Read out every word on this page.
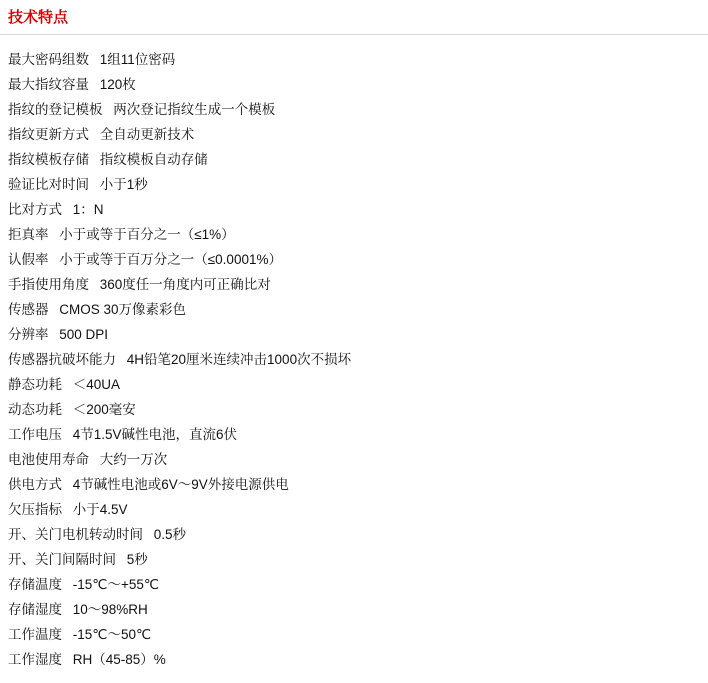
技术特点
最大密码组数 1组11位密码
最大指纹容量 120枚
指纹的登记模板 两次登记指纹生成一个模板
指纹更新方式 全自动更新技术
指纹模板存储 指纹模板自动存储
验证比对时间 小于1秒
比对方式 1：N
拒真率 小于或等于百分之一（≤1%）
认假率 小于或等于百万分之一（≤0.0001%）
手指使用角度 360度任一角度内可正确比对
传感器 CMOS 30万像素彩色
分辨率 500 DPI
传感器抗破坏能力 4H铅笔20厘米连续冲击1000次不损坏
静态功耗 ＜40UA
动态功耗 ＜200毫安
工作电压 4节1.5V碱性电池，直流6伏
电池使用寿命 大约一万次
供电方式 4节碱性电池或6V～9V外接电源供电
欠压指标 小于4.5V
开、关门电机转动时间 0.5秒
开、关门间隔时间 5秒
存储温度 -15℃～+55℃
存储湿度 10～98%RH
工作温度 -15℃～50℃
工作湿度 RH（45-85）%
